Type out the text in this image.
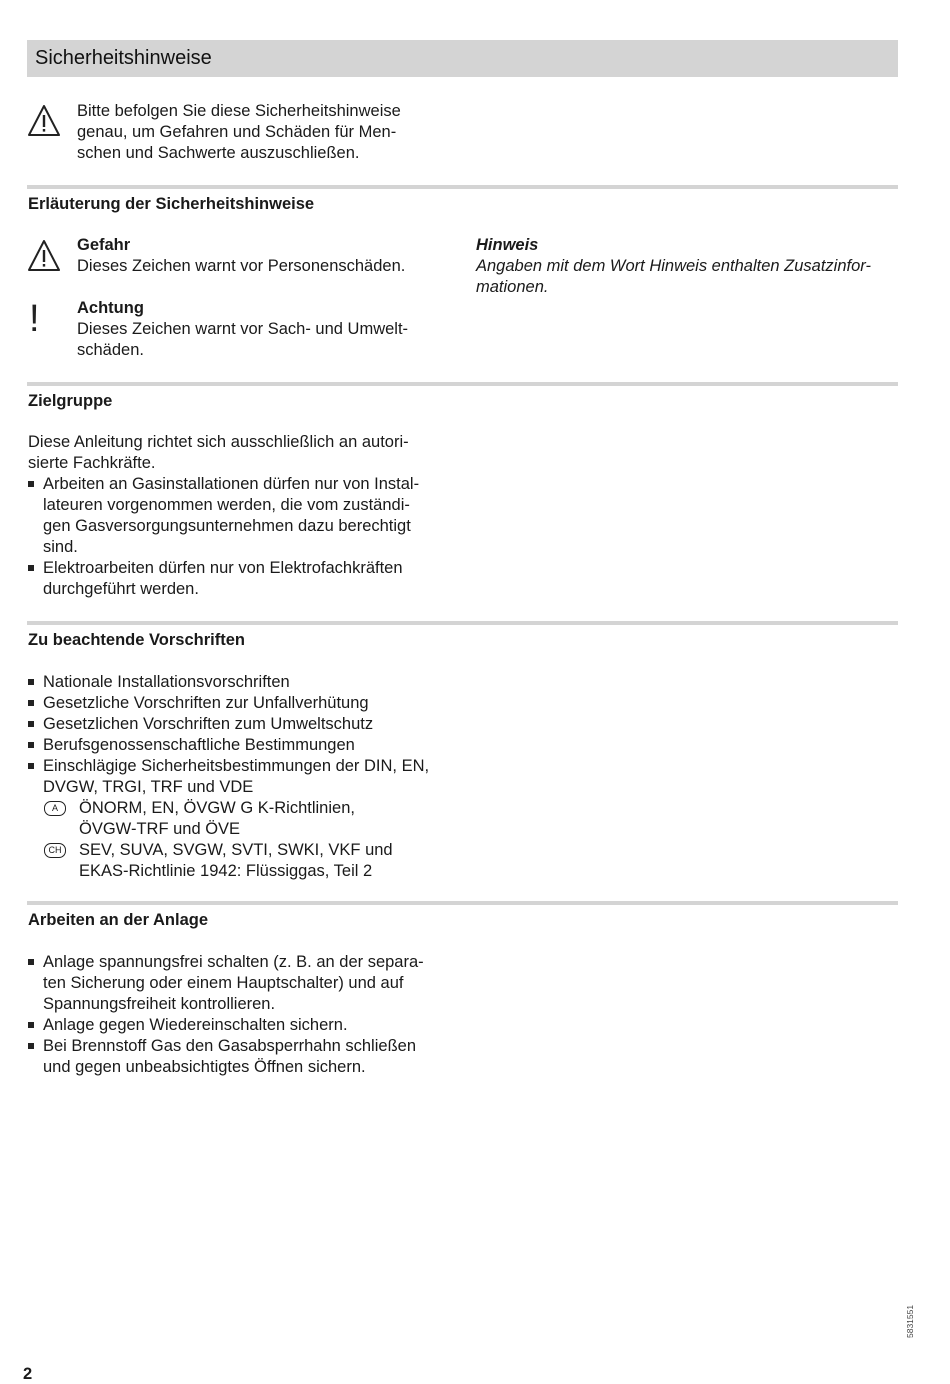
Sicherheitshinweise
Bitte befolgen Sie diese Sicherheitshinweise
genau, um Gefahren und Schäden für Men-
schen und Sachwerte auszuschließen.
Erläuterung der Sicherheitshinweise
Gefahr
Dieses Zeichen warnt vor Personenschäden.
!	Achtung
Dieses Zeichen warnt vor Sach- und Umwelt-
schäden.
Hinweis
Angaben mit dem Wort Hinweis enthalten Zusatzinfor-
mationen.
Zielgruppe
Diese Anleitung richtet sich ausschließlich an autori-
sierte Fachkräfte.
Arbeiten an Gasinstallationen dürfen nur von Instal-
lateuren vorgenommen werden, die vom zuständi-
gen Gasversorgungsunternehmen dazu berechtigt
sind.
Elektroarbeiten dürfen nur von Elektrofachkräften
durchgeführt werden.
Zu beachtende Vorschriften
Nationale Installationsvorschriften
Gesetzliche Vorschriften zur Unfallverhütung
Gesetzlichen Vorschriften zum Umweltschutz
Berufsgenossenschaftliche Bestimmungen
Einschlägige Sicherheitsbestimmungen der DIN, EN,
DVGW, TRGI, TRF und VDE
A	ÖNORM, EN, ÖVGW G K-Richtlinien,
ÖVGW-TRF und ÖVE
CH SEV, SUVA, SVGW, SVTI, SWKI, VKF und
EKAS-Richtlinie 1942: Flüssiggas, Teil 2
Arbeiten an der Anlage
Anlage spannungsfrei schalten (z. B. an der separa-
ten Sicherung oder einem Hauptschalter) und auf
Spannungsfreiheit kontrollieren.
Anlage gegen Wiedereinschalten sichern.
Bei Brennstoff Gas den Gasabsperrhahn schließen
und gegen unbeabsichtigtes Öffnen sichern.
2
5831551
